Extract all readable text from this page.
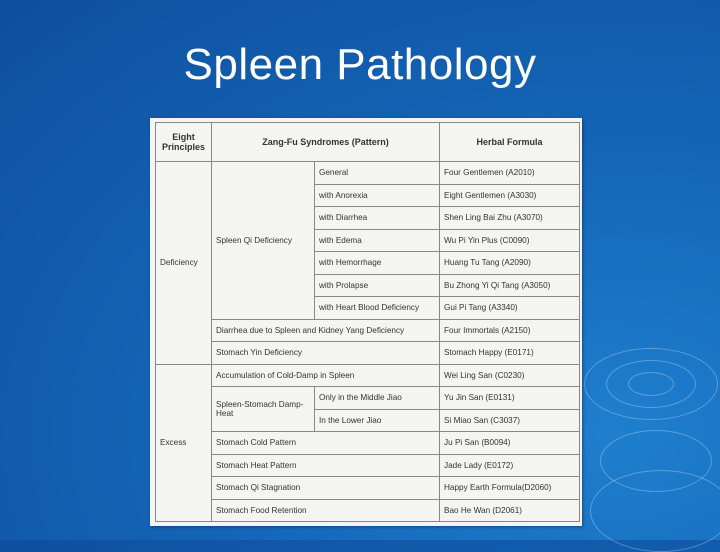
Spleen Pathology
Eight Principles	Zang-Fu Syndromes (Pattern)		Herbal Formula
Deficiency	Spleen Qi Deficiency	General	Four Gentlemen (A2010)
		with Anorexia	Eight Gentlemen (A3030)
		with Diarrhea	Shen Ling Bai Zhu (A3070)
		with Edema	Wu Pi Yin Plus (C0090)
		with Hemorrhage	Huang Tu Tang (A2090)
		with Prolapse	Bu Zhong Yi Qi Tang (A3050)
		with Heart Blood Deficiency	Gui Pi Tang (A3340)
	Diarrhea due to Spleen and Kidney Yang Deficiency		Four Immortals (A2150)
	Stomach Yin Deficiency		Stomach Happy (E0171)
Excess	Accumulation of Cold-Damp in Spleen		Wei Ling San (C0230)
	Spleen-Stomach Damp-Heat	Only in the Middle Jiao	Yu Jin San (E0131)
		In the Lower Jiao	Si Miao San (C3037)
	Stomach Cold Pattern		Ju Pi San (B0094)
	Stomach Heat Pattern		Jade Lady (E0172)
	Stomach Qi Stagnation		Happy Earth Formula(D2060)
	Stomach Food Retention		Bao He Wan (D2061)
